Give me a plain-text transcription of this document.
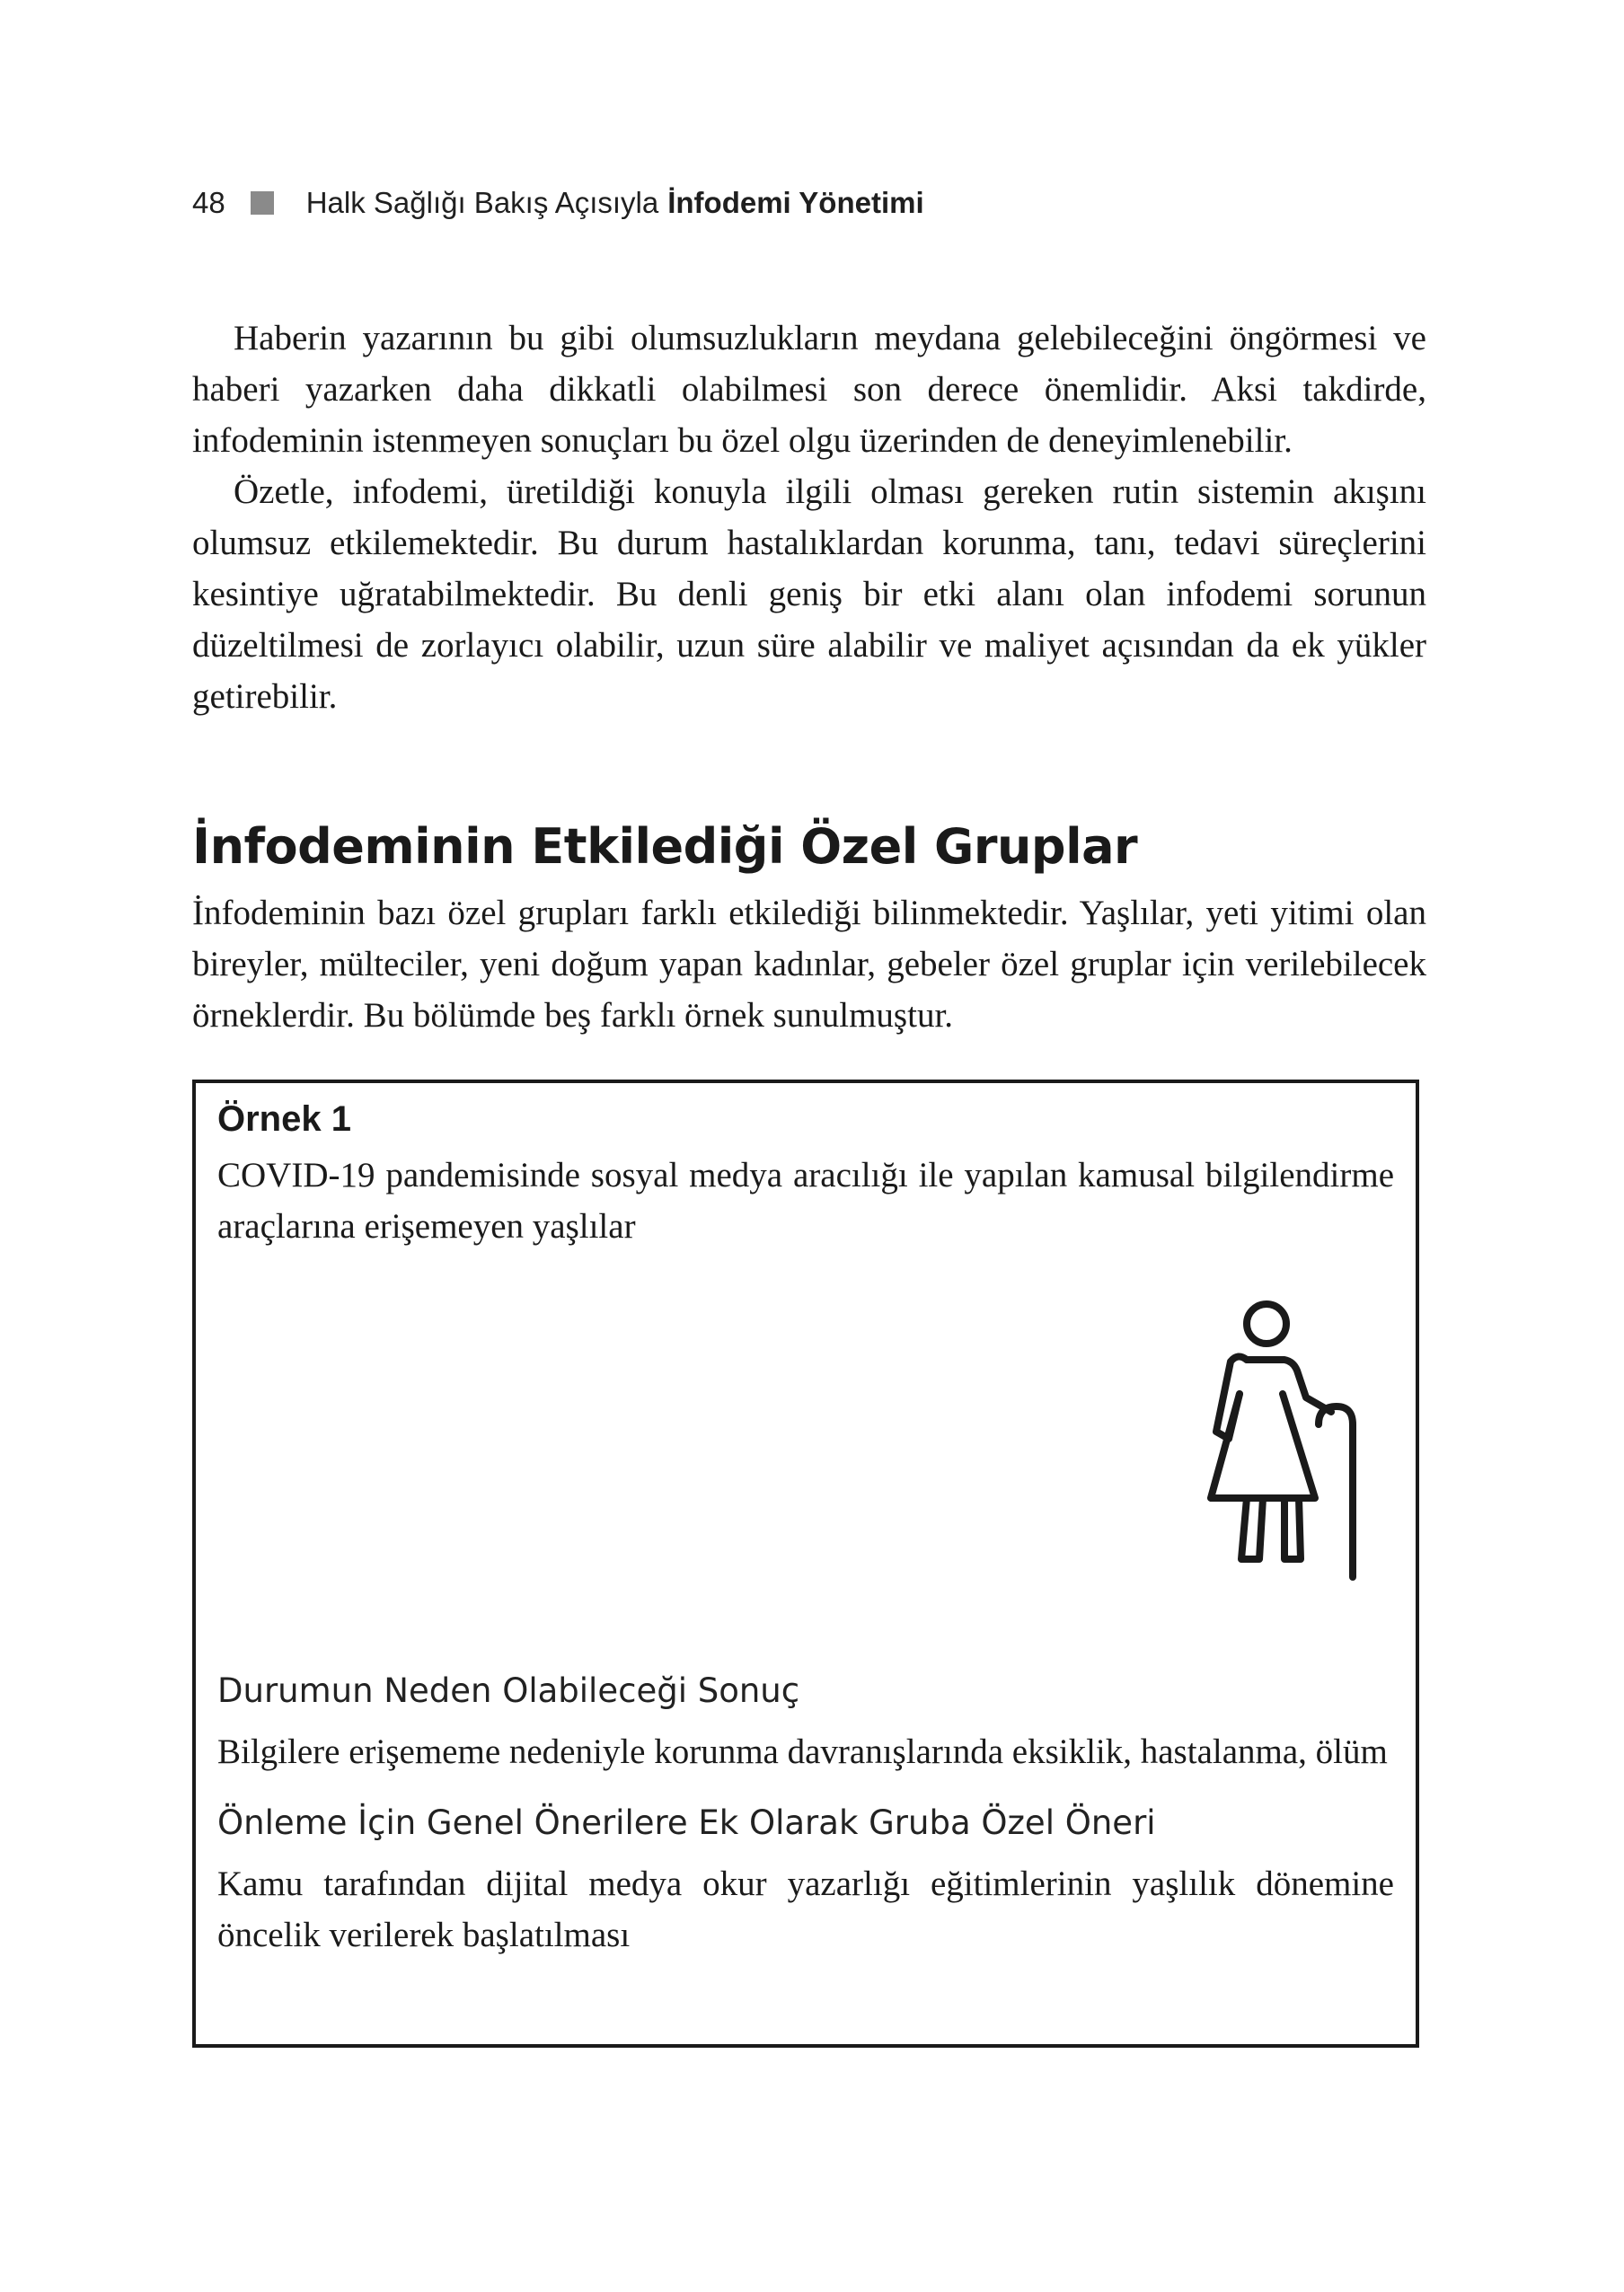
48	Halk Sağlığı Bakış Açısıyla İnfodemi Yönetimi

Haberin yazarının bu gibi olumsuzlukların meydana gelebileceğini öngörmesi ve haberi yazarken daha dikkatli olabilmesi son derece önemlidir. Aksi takdirde, infodeminin istenmeyen sonuçları bu özel olgu üzerinden de deneyimlenebilir.

Özetle, infodemi, üretildiği konuyla ilgili olması gereken rutin sistemin akışını olumsuz etkilemektedir. Bu durum hastalıklardan korunma, tanı, tedavi süreçlerini kesintiye uğratabilmektedir. Bu denli geniş bir etki alanı olan infodemi sorunun düzeltilmesi de zorlayıcı olabilir, uzun süre alabilir ve maliyet açısından da ek yükler getirebilir.

İnfodeminin Etkilediği Özel Gruplar

İnfodeminin bazı özel grupları farklı etkilediği bilinmektedir. Yaşlılar, yeti yitimi olan bireyler, mülteciler, yeni doğum yapan kadınlar, gebeler özel gruplar için verilebilecek örneklerdir. Bu bölümde beş farklı örnek sunulmuştur.

Örnek 1

COVID-19 pandemisinde sosyal medya aracılığı ile yapılan kamusal bilgilendirme araçlarına erişemeyen yaşlılar

Durumun Neden Olabileceği Sonuç

Bilgilere erişememe nedeniyle korunma davranışlarında eksiklik, hastalanma, ölüm

Önleme İçin Genel Önerilere Ek Olarak Gruba Özel Öneri

Kamu tarafından dijital medya okur yazarlığı eğitimlerinin yaşlılık dönemine öncelik verilerek başlatılması
